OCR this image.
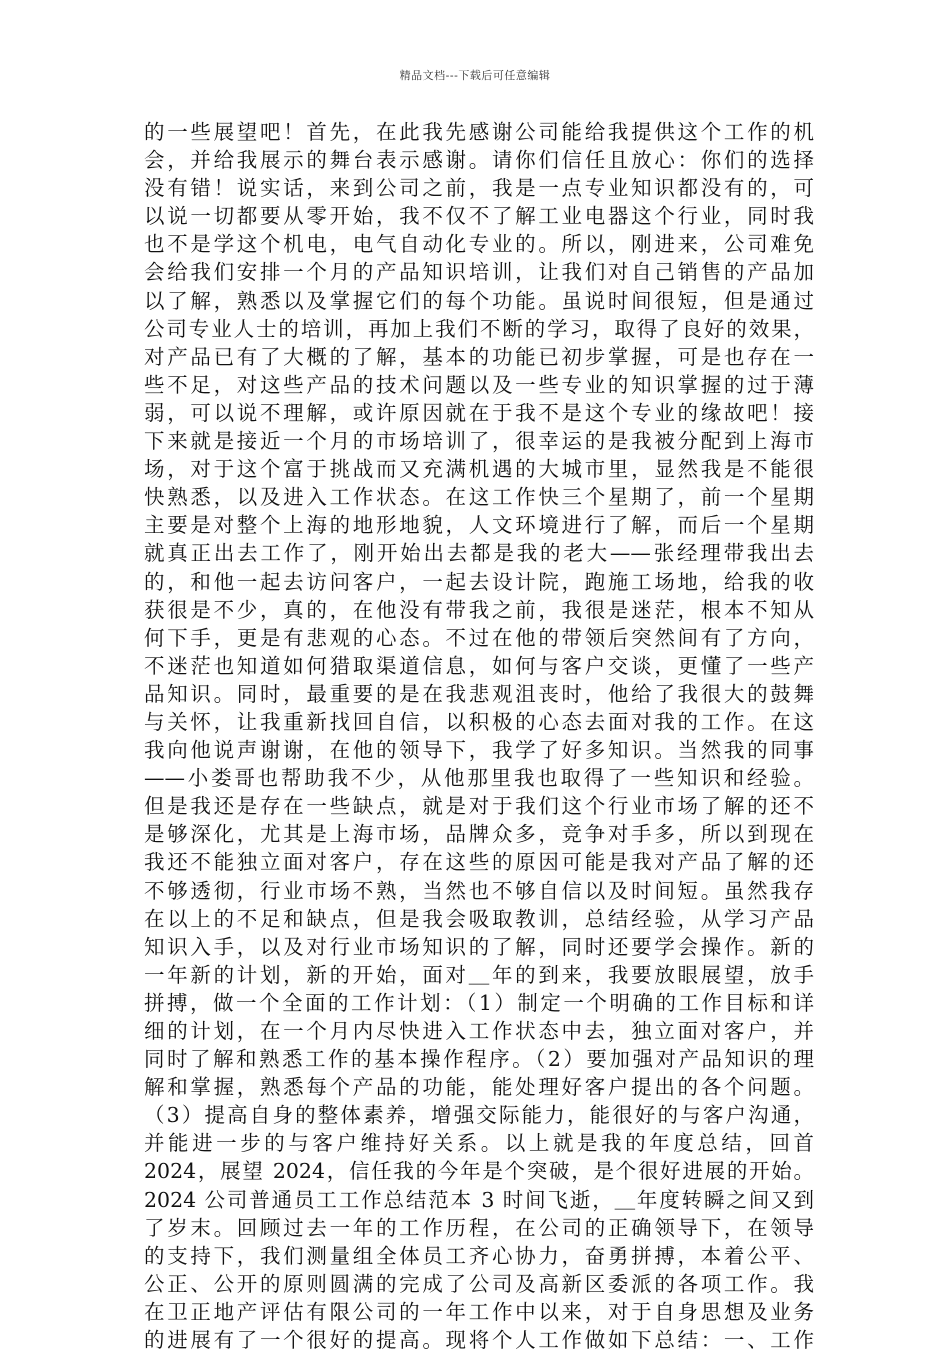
精品文档---下载后可任意编辑
的一些展望吧！首先，在此我先感谢公司能给我提供这个工作的机
会，并给我展示的舞台表示感谢。请你们信任且放心：你们的选择
没有错！说实话，来到公司之前，我是一点专业知识都没有的，可
以说一切都要从零开始，我不仅不了解工业电器这个行业，同时我
也不是学这个机电，电气自动化专业的。所以，刚进来，公司难免
会给我们安排一个月的产品知识培训，让我们对自己销售的产品加
以了解，熟悉以及掌握它们的每个功能。虽说时间很短，但是通过
公司专业人士的培训，再加上我们不断的学习，取得了良好的效果，
对产品已有了大概的了解，基本的功能已初步掌握，可是也存在一
些不足，对这些产品的技术问题以及一些专业的知识掌握的过于薄
弱，可以说不理解，或许原因就在于我不是这个专业的缘故吧！接
下来就是接近一个月的市场培训了，很幸运的是我被分配到上海市
场，对于这个富于挑战而又充满机遇的大城市里，显然我是不能很
快熟悉，以及进入工作状态。在这工作快三个星期了，前一个星期
主要是对整个上海的地形地貌，人文环境进行了解，而后一个星期
就真正出去工作了，刚开始出去都是我的老大——张经理带我出去
的，和他一起去访问客户，一起去设计院，跑施工场地，给我的收
获很是不少，真的，在他没有带我之前，我很是迷茫，根本不知从
何下手，更是有悲观的心态。不过在他的带领后突然间有了方向，
不迷茫也知道如何猎取渠道信息，如何与客户交谈，更懂了一些产
品知识。同时，最重要的是在我悲观沮丧时，他给了我很大的鼓舞
与关怀，让我重新找回自信，以积极的心态去面对我的工作。在这
我向他说声谢谢，在他的领导下，我学了好多知识。当然我的同事
——小娄哥也帮助我不少，从他那里我也取得了一些知识和经验。
但是我还是存在一些缺点，就是对于我们这个行业市场了解的还不
是够深化，尤其是上海市场，品牌众多，竞争对手多，所以到现在
我还不能独立面对客户，存在这些的原因可能是我对产品了解的还
不够透彻，行业市场不熟，当然也不够自信以及时间短。虽然我存
在以上的不足和缺点，但是我会吸取教训，总结经验，从学习产品
知识入手，以及对行业市场知识的了解，同时还要学会操作。新的
一年新的计划，新的开始，面对＿年的到来，我要放眼展望，放手
拼搏，做一个全面的工作计划：（1）制定一个明确的工作目标和详
细的计划，在一个月内尽快进入工作状态中去，独立面对客户，并
同时了解和熟悉工作的基本操作程序。（2）要加强对产品知识的理
解和掌握，熟悉每个产品的功能，能处理好客户提出的各个问题。
（3）提高自身的整体素养，增强交际能力，能很好的与客户沟通，
并能进一步的与客户维持好关系。以上就是我的年度总结，回首
2024，展望 2024，信任我的今年是个突破，是个很好进展的开始。
2024 公司普通员工工作总结范本 3 时间飞逝，＿年度转瞬之间又到
了岁末。回顾过去一年的工作历程，在公司的正确领导下，在领导
的支持下，我们测量组全体员工齐心协力，奋勇拼搏，本着公平、
公正、公开的原则圆满的完成了公司及高新区委派的各项工作。我
在卫正地产评估有限公司的一年工作中以来，对于自身思想及业务
的进展有了一个很好的提高。现将个人工作做如下总结：一、工作
